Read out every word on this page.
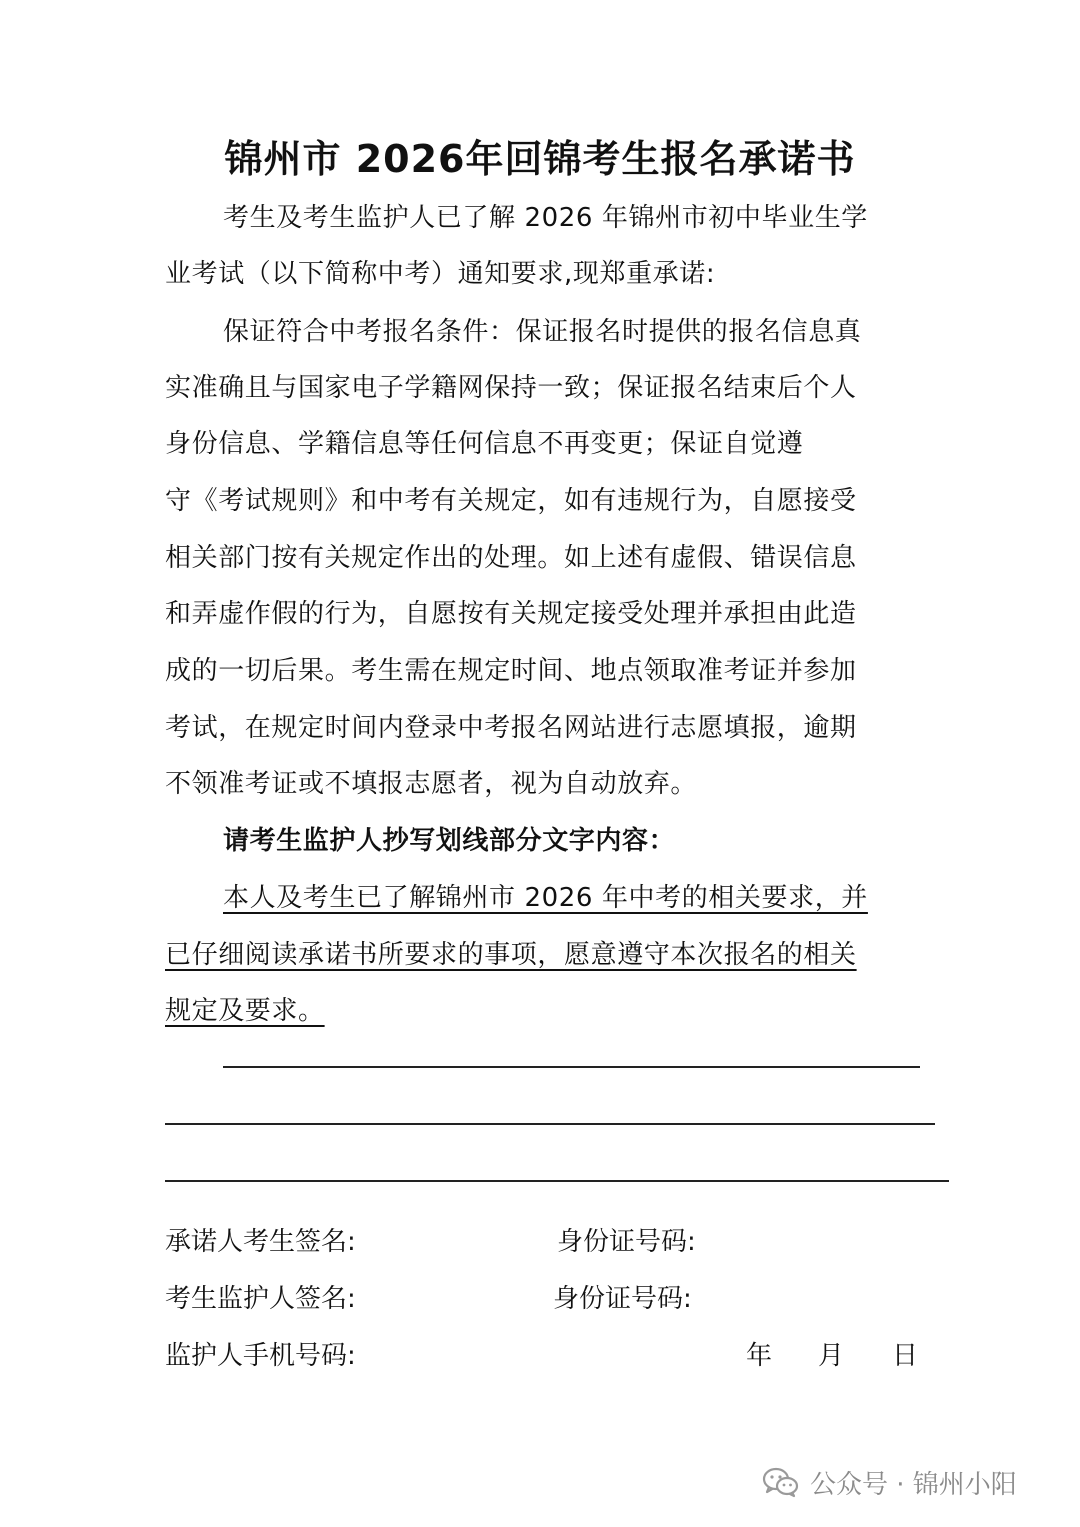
锦州市 2026年回锦考生报名承诺书
考生及考生监护人已了解 2026 年锦州市初中毕业生学
业考试（以下简称中考）通知要求,现郑重承诺:
保证符合中考报名条件：保证报名时提供的报名信息真
实准确且与国家电子学籍网保持一致；保证报名结束后个人
身份信息、学籍信息等任何信息不再变更；保证自觉遵
守《考试规则》和中考有关规定，如有违规行为，自愿接受
相关部门按有关规定作出的处理。如上述有虚假、错误信息
和弄虚作假的行为，自愿按有关规定接受处理并承担由此造
成的一切后果。考生需在规定时间、地点领取准考证并参加
考试，在规定时间内登录中考报名网站进行志愿填报，逾期
不领准考证或不填报志愿者，视为自动放弃。
请考生监护人抄写划线部分文字内容：
本人及考生已了解锦州市 2026 年中考的相关要求，并
已仔细阅读承诺书所要求的事项，愿意遵守本次报名的相关
规定及要求。
承诺人考生签名:	身份证号码:
考生监护人签名:	身份证号码:
监护人手机号码:	年 月 日
公众号 · 锦州小阳
